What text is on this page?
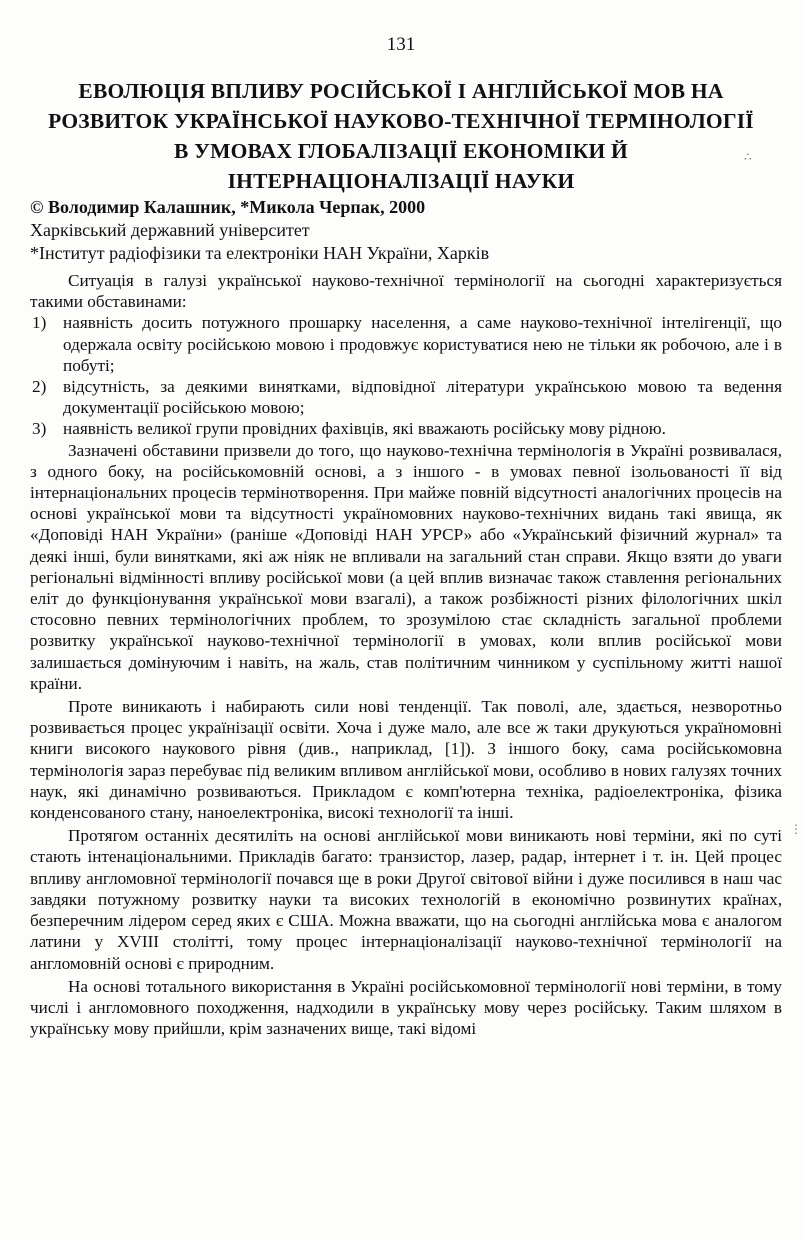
131
ЕВОЛЮЦІЯ ВПЛИВУ РОСІЙСЬКОЇ І АНГЛІЙСЬКОЇ МОВ НА
РОЗВИТОК УКРАЇНСЬКОЇ НАУКОВО-ТЕХНІЧНОЇ ТЕРМІНОЛОГІЇ
В УМОВАХ ГЛОБАЛІЗАЦІЇ ЕКОНОМІКИ Й
ІНТЕРНАЦІОНАЛІЗАЦІЇ НАУКИ
© Володимир Калашник, *Микола Черпак, 2000
Харківський державний університет
*Інститут радіофізики та електроніки НАН України, Харків

Ситуація в галузі української науково-технічної термінології на сьогодні характеризується такими обставинами:

1) наявність досить потужного прошарку населення, а саме науково-технічної інтелігенції, що одержала освіту російською мовою і продовжує користуватися нею не тільки як робочою, але і в побуті;
2) відсутність, за деякими винятками, відповідної літератури українською мовою та ведення документації російською мовою;
3) наявність великої групи провідних фахівців, які вважають російську мову рідною.

Зазначені обставини призвели до того, що науково-технічна термінологія в Україні розвивалася, з одного боку, на російськомовній основі, а з іншого - в умовах певної ізольованості її від інтернаціональних процесів термінотворення. При майже повній відсутності аналогічних процесів на основі української мови та відсутності україномовних науково-технічних видань такі явища, як «Доповіді НАН України» (раніше «Доповіді НАН УРСР» або «Український фізичний журнал» та деякі інші, були винятками, які аж ніяк не впливали на загальний стан справи. Якщо взяти до уваги регіональні відмінності впливу російської мови (а цей вплив визначає також ставлення регіональних еліт до функціонування української мови взагалі), а також розбіжності різних філологічних шкіл стосовно певних термінологічних проблем, то зрозумілою стає складність загальної проблеми розвитку української науково-технічної термінології в умовах, коли вплив російської мови залишається домінуючим і навіть, на жаль, став політичним чинником у суспільному житті нашої країни.

Проте виникають і набирають сили нові тенденції. Так поволі, але, здається, незворотньо розвивається процес українізації освіти. Хоча і дуже мало, але все ж таки друкуються україномовні книги високого наукового рівня (див., наприклад, [1]). З іншого боку, сама російськомовна термінологія зараз перебуває під великим впливом англійської мови, особливо в нових галузях точних наук, які динамічно розвиваються. Прикладом є комп'ютерна техніка, радіоелектроніка, фізика конденсованого стану, наноелектроніка, високі технології та інші.

Протягом останніх десятиліть на основі англійської мови виникають нові терміни, які по суті стають інтенаціональними. Прикладів багато: транзистор, лазер, радар, інтернет і т. ін. Цей процес впливу англомовної термінології почався ще в роки Другої світової війни і дуже посилився в наш час завдяки потужному розвитку науки та високих технологій в економічно розвинутих країнах, безперечним лідером серед яких є США. Можна вважати, що на сьогодні англійська мова є аналогом латини у XVIII столітті, тому процес інтернаціоналізації науково-технічної термінології на англомовній основі є природним.

На основі тотального використання в Україні російськомовної термінології нові терміни, в тому числі і англомовного походження, надходили в українську мову через російську. Таким шляхом в українську мову прийшли, крім зазначених вище, такі відомі

∴
⋮
